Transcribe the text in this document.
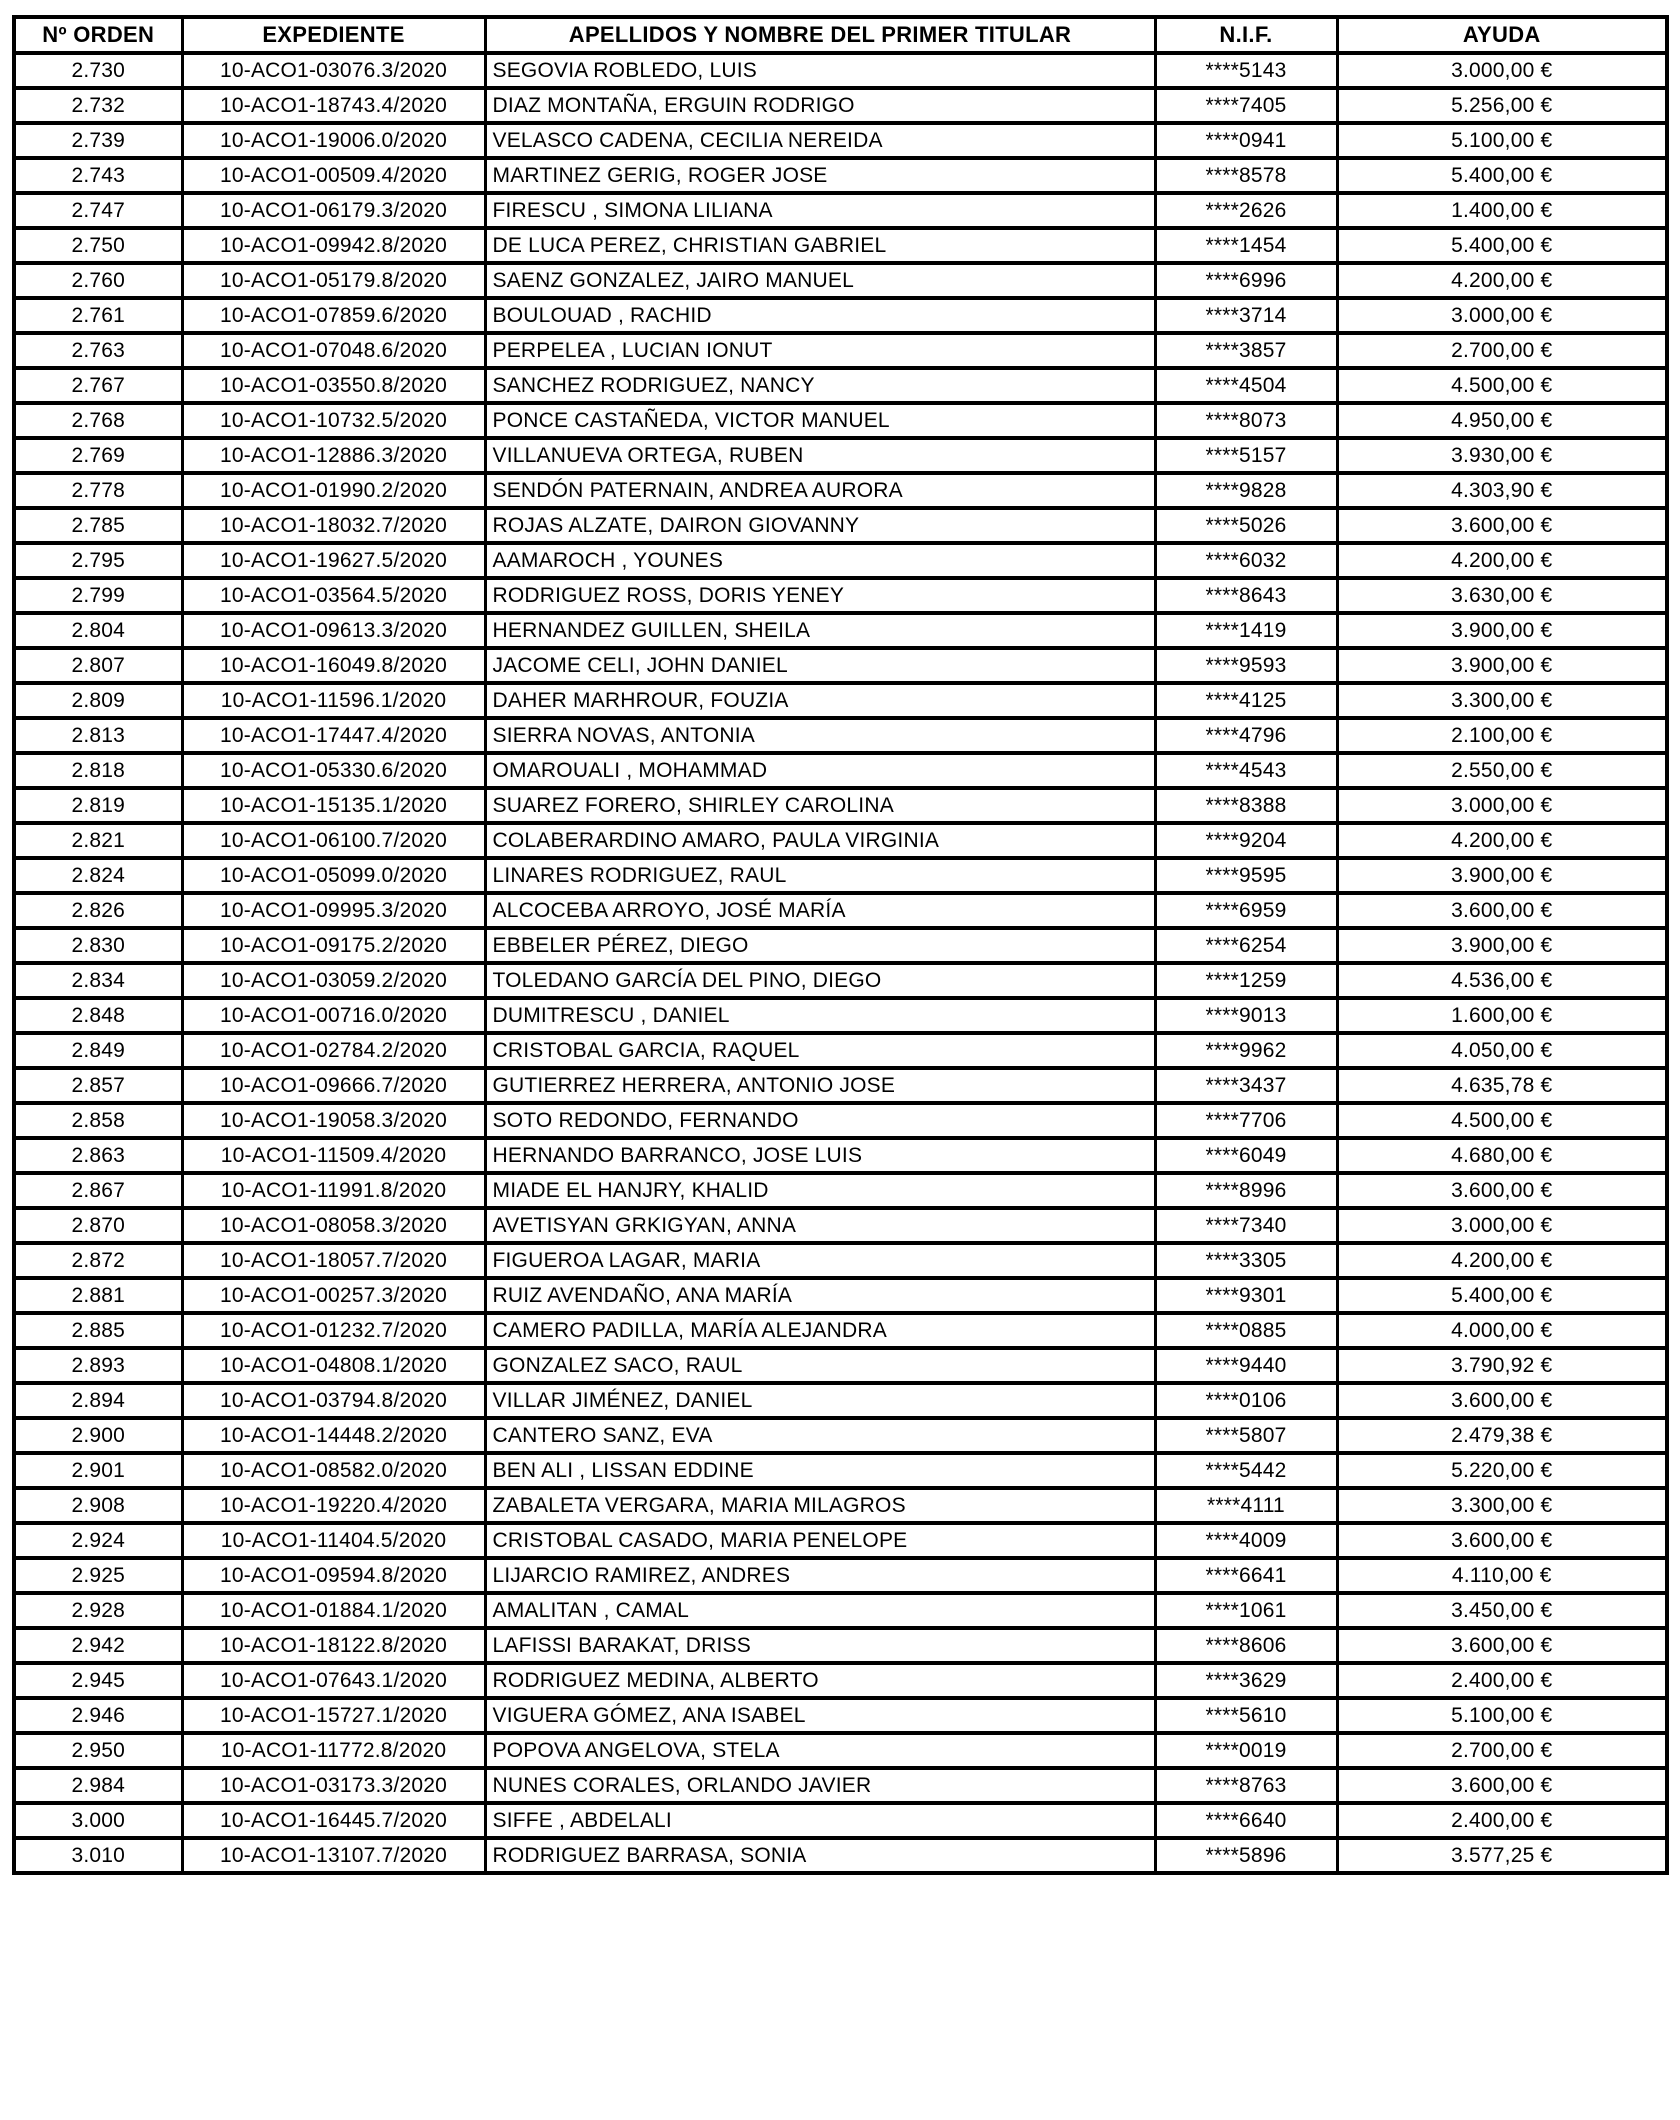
Nº ORDEN	EXPEDIENTE	APELLIDOS Y NOMBRE DEL PRIMER TITULAR	N.I.F.	AYUDA
2.730	10-ACO1-03076.3/2020	SEGOVIA ROBLEDO, LUIS	****5143	3.000,00 €
2.732	10-ACO1-18743.4/2020	DIAZ MONTAÑA, ERGUIN RODRIGO	****7405	5.256,00 €
2.739	10-ACO1-19006.0/2020	VELASCO CADENA, CECILIA NEREIDA	****0941	5.100,00 €
2.743	10-ACO1-00509.4/2020	MARTINEZ GERIG, ROGER JOSE	****8578	5.400,00 €
2.747	10-ACO1-06179.3/2020	FIRESCU , SIMONA LILIANA	****2626	1.400,00 €
2.750	10-ACO1-09942.8/2020	DE LUCA PEREZ, CHRISTIAN GABRIEL	****1454	5.400,00 €
2.760	10-ACO1-05179.8/2020	SAENZ GONZALEZ, JAIRO MANUEL	****6996	4.200,00 €
2.761	10-ACO1-07859.6/2020	BOULOUAD , RACHID	****3714	3.000,00 €
2.763	10-ACO1-07048.6/2020	PERPELEA , LUCIAN IONUT	****3857	2.700,00 €
2.767	10-ACO1-03550.8/2020	SANCHEZ RODRIGUEZ, NANCY	****4504	4.500,00 €
2.768	10-ACO1-10732.5/2020	PONCE CASTAÑEDA, VICTOR MANUEL	****8073	4.950,00 €
2.769	10-ACO1-12886.3/2020	VILLANUEVA ORTEGA, RUBEN	****5157	3.930,00 €
2.778	10-ACO1-01990.2/2020	SENDÓN PATERNAIN, ANDREA AURORA	****9828	4.303,90 €
2.785	10-ACO1-18032.7/2020	ROJAS ALZATE, DAIRON GIOVANNY	****5026	3.600,00 €
2.795	10-ACO1-19627.5/2020	AAMAROCH , YOUNES	****6032	4.200,00 €
2.799	10-ACO1-03564.5/2020	RODRIGUEZ ROSS, DORIS YENEY	****8643	3.630,00 €
2.804	10-ACO1-09613.3/2020	HERNANDEZ GUILLEN, SHEILA	****1419	3.900,00 €
2.807	10-ACO1-16049.8/2020	JACOME CELI, JOHN DANIEL	****9593	3.900,00 €
2.809	10-ACO1-11596.1/2020	DAHER MARHROUR, FOUZIA	****4125	3.300,00 €
2.813	10-ACO1-17447.4/2020	SIERRA NOVAS, ANTONIA	****4796	2.100,00 €
2.818	10-ACO1-05330.6/2020	OMAROUALI , MOHAMMAD	****4543	2.550,00 €
2.819	10-ACO1-15135.1/2020	SUAREZ FORERO, SHIRLEY CAROLINA	****8388	3.000,00 €
2.821	10-ACO1-06100.7/2020	COLABERARDINO AMARO, PAULA VIRGINIA	****9204	4.200,00 €
2.824	10-ACO1-05099.0/2020	LINARES RODRIGUEZ, RAUL	****9595	3.900,00 €
2.826	10-ACO1-09995.3/2020	ALCOCEBA ARROYO, JOSÉ MARÍA	****6959	3.600,00 €
2.830	10-ACO1-09175.2/2020	EBBELER PÉREZ, DIEGO	****6254	3.900,00 €
2.834	10-ACO1-03059.2/2020	TOLEDANO GARCÍA DEL PINO, DIEGO	****1259	4.536,00 €
2.848	10-ACO1-00716.0/2020	DUMITRESCU , DANIEL	****9013	1.600,00 €
2.849	10-ACO1-02784.2/2020	CRISTOBAL GARCIA, RAQUEL	****9962	4.050,00 €
2.857	10-ACO1-09666.7/2020	GUTIERREZ HERRERA, ANTONIO JOSE	****3437	4.635,78 €
2.858	10-ACO1-19058.3/2020	SOTO REDONDO, FERNANDO	****7706	4.500,00 €
2.863	10-ACO1-11509.4/2020	HERNANDO BARRANCO, JOSE LUIS	****6049	4.680,00 €
2.867	10-ACO1-11991.8/2020	MIADE EL HANJRY, KHALID	****8996	3.600,00 €
2.870	10-ACO1-08058.3/2020	AVETISYAN GRKIGYAN, ANNA	****7340	3.000,00 €
2.872	10-ACO1-18057.7/2020	FIGUEROA LAGAR, MARIA	****3305	4.200,00 €
2.881	10-ACO1-00257.3/2020	RUIZ AVENDAÑO, ANA MARÍA	****9301	5.400,00 €
2.885	10-ACO1-01232.7/2020	CAMERO PADILLA, MARÍA ALEJANDRA	****0885	4.000,00 €
2.893	10-ACO1-04808.1/2020	GONZALEZ SACO, RAUL	****9440	3.790,92 €
2.894	10-ACO1-03794.8/2020	VILLAR JIMÉNEZ, DANIEL	****0106	3.600,00 €
2.900	10-ACO1-14448.2/2020	CANTERO SANZ, EVA	****5807	2.479,38 €
2.901	10-ACO1-08582.0/2020	BEN ALI , LISSAN EDDINE	****5442	5.220,00 €
2.908	10-ACO1-19220.4/2020	ZABALETA VERGARA, MARIA MILAGROS	****4111	3.300,00 €
2.924	10-ACO1-11404.5/2020	CRISTOBAL CASADO, MARIA PENELOPE	****4009	3.600,00 €
2.925	10-ACO1-09594.8/2020	LIJARCIO RAMIREZ, ANDRES	****6641	4.110,00 €
2.928	10-ACO1-01884.1/2020	AMALITAN , CAMAL	****1061	3.450,00 €
2.942	10-ACO1-18122.8/2020	LAFISSI BARAKAT, DRISS	****8606	3.600,00 €
2.945	10-ACO1-07643.1/2020	RODRIGUEZ MEDINA, ALBERTO	****3629	2.400,00 €
2.946	10-ACO1-15727.1/2020	VIGUERA GÓMEZ, ANA ISABEL	****5610	5.100,00 €
2.950	10-ACO1-11772.8/2020	POPOVA ANGELOVA, STELA	****0019	2.700,00 €
2.984	10-ACO1-03173.3/2020	NUNES CORALES, ORLANDO JAVIER	****8763	3.600,00 €
3.000	10-ACO1-16445.7/2020	SIFFE , ABDELALI	****6640	2.400,00 €
3.010	10-ACO1-13107.7/2020	RODRIGUEZ BARRASA, SONIA	****5896	3.577,25 €
